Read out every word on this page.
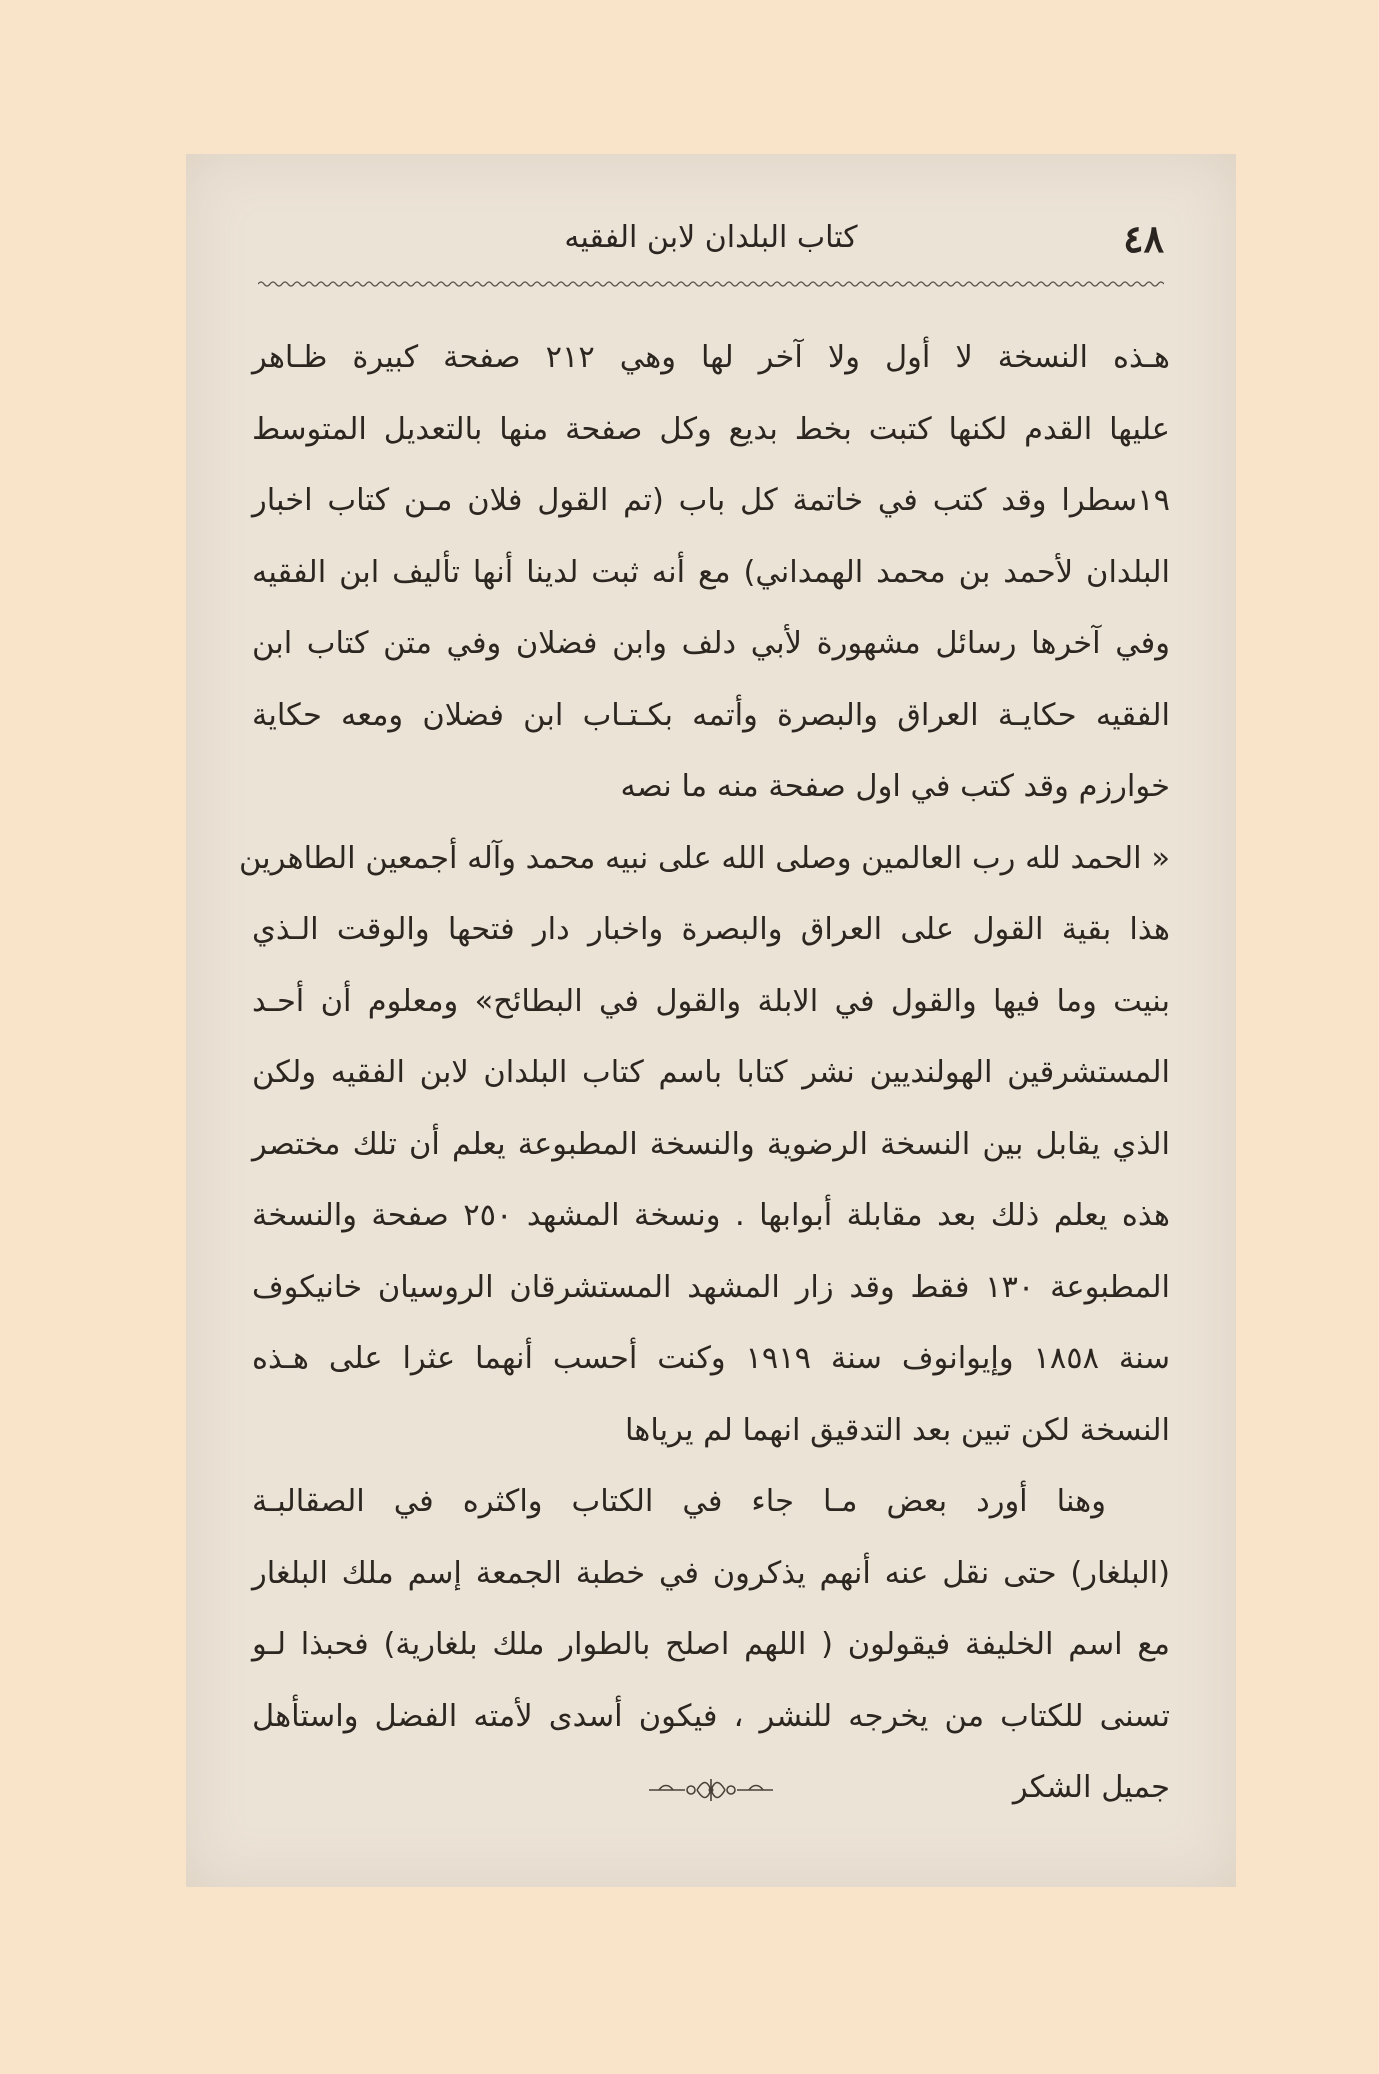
٤٨
كتاب البلدان لابن الفقيه
هـذه النسخة لا أول ولا آخر لها وهي ٢١٢ صفحة كبيرة ظـاهر
عليها القدم لكنها كتبت بخط بديع وكل صفحة منها بالتعديل المتوسط
١٩سطرا وقد كتب في خاتمة كل باب (تم القول فلان مـن كتاب اخبار
البلدان لأحمد بن محمد الهمداني) مع أنه ثبت لدينا أنها تأليف ابن الفقيه
وفي آخرها رسائل مشهورة لأبي دلف وابن فضلان وفي متن كتاب ابن
الفقيه حكايـة العراق والبصرة وأتمه بكـتـاب ابن فضلان ومعه حكاية
خوارزم وقد كتب في اول صفحة منه ما نصه
« الحمد لله رب العالمين وصلى الله على نبيه محمد وآله أجمعين الطاهرين
هذا بقية القول على العراق والبصرة واخبار دار فتحها والوقت الـذي
بنيت وما فيها والقول في الابلة والقول في البطائح» ومعلوم أن أحـد
المستشرقين الهولنديين نشر كتابا باسم كتاب البلدان لابن الفقيه ولكن
الذي يقابل بين النسخة الرضوية والنسخة المطبوعة يعلم أن تلك مختصر
هذه يعلم ذلك بعد مقابلة أبوابها . ونسخة المشهد ٢٥٠ صفحة والنسخة
المطبوعة ١٣٠ فقط وقد زار المشهد المستشرقان الروسيان خانيكوف
سنة ١٨٥٨ وإيوانوف سنة ١٩١٩ وكنت أحسب أنهما عثرا على هـذه
النسخة لكن تبين بعد التدقيق انهما لم يرياها
وهنا أورد بعض مـا جاء في الكتاب واكثره في الصقالبـة
(البلغار) حتى نقل عنه أنهم يذكرون في خطبة الجمعة إسم ملك البلغار
مع اسم الخليفة فيقولون ( اللهم اصلح بالطوار ملك بلغارية) فحبذا لـو
تسنى للكتاب من يخرجه للنشر ، فيكون أسدى لأمته الفضل واستأهل
جميل الشكر
